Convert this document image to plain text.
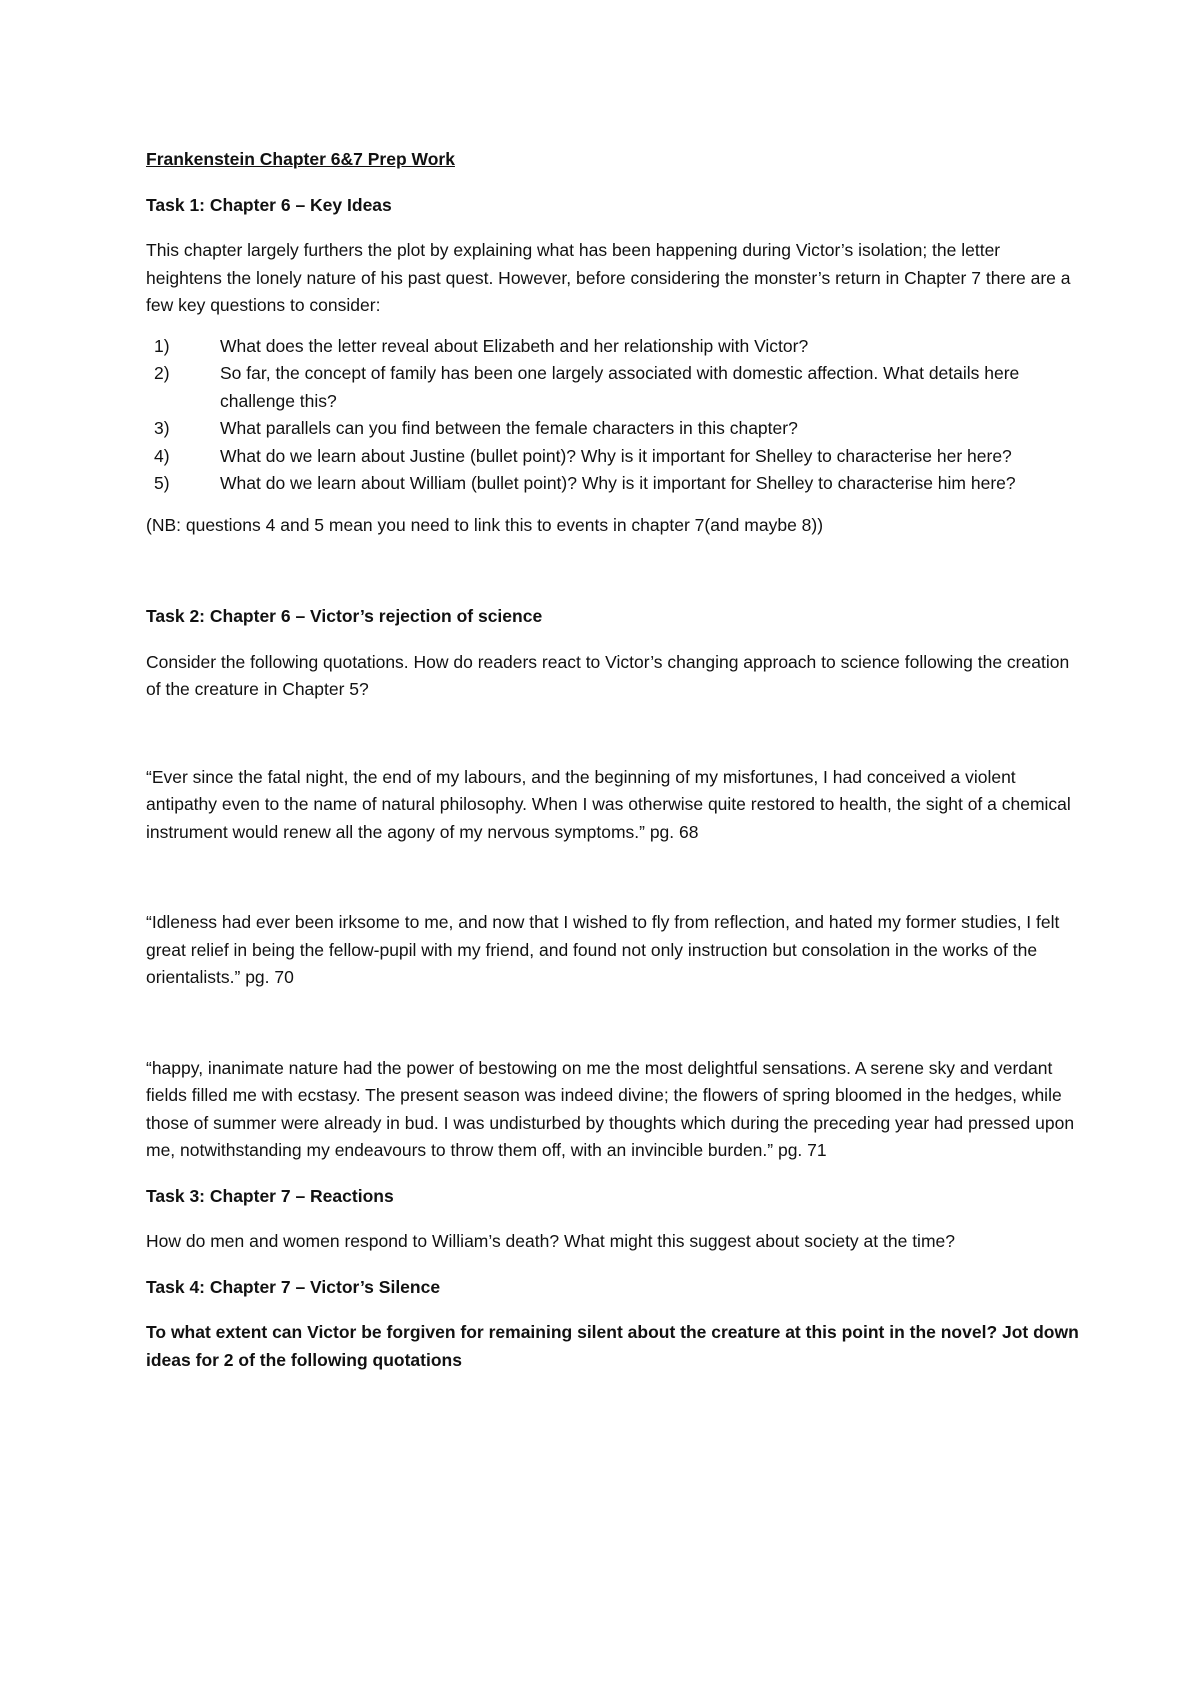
Frankenstein Chapter 6&7 Prep Work

Task 1: Chapter 6 – Key Ideas

This chapter largely furthers the plot by explaining what has been happening during Victor’s isolation; the letter heightens the lonely nature of his past quest. However, before considering the monster’s return in Chapter 7 there are a few key questions to consider:

1)	What does the letter reveal about Elizabeth and her relationship with Victor?
2)	So far, the concept of family has been one largely associated with domestic affection. What details here challenge this?
3)	What parallels can you find between the female characters in this chapter?
4)	What do we learn about Justine (bullet point)? Why is it important for Shelley to characterise her here?
5)	What do we learn about William (bullet point)? Why is it important for Shelley to characterise him here?

(NB: questions 4 and 5 mean you need to link this to events in chapter 7(and maybe 8))

Task 2: Chapter 6 – Victor’s rejection of science

Consider the following quotations. How do readers react to Victor’s changing approach to science following the creation of the creature in Chapter 5?

“Ever since the fatal night, the end of my labours, and the beginning of my misfortunes, I had conceived a violent antipathy even to the name of natural philosophy. When I was otherwise quite restored to health, the sight of a chemical instrument would renew all the agony of my nervous symptoms.” pg. 68

“Idleness had ever been irksome to me, and now that I wished to fly from reflection, and hated my former studies, I felt great relief in being the fellow-pupil with my friend, and found not only instruction but consolation in the works of the orientalists.” pg. 70

“happy, inanimate nature had the power of bestowing on me the most delightful sensations. A serene sky and verdant fields filled me with ecstasy. The present season was indeed divine; the flowers of spring bloomed in the hedges, while those of summer were already in bud. I was undisturbed by thoughts which during the preceding year had pressed upon me, notwithstanding my endeavours to throw them off, with an invincible burden.” pg. 71

Task 3: Chapter 7 – Reactions

How do men and women respond to William’s death? What might this suggest about society at the time?

Task 4: Chapter 7 – Victor’s Silence

To what extent can Victor be forgiven for remaining silent about the creature at this point in the novel? Jot down ideas for 2 of the following quotations
